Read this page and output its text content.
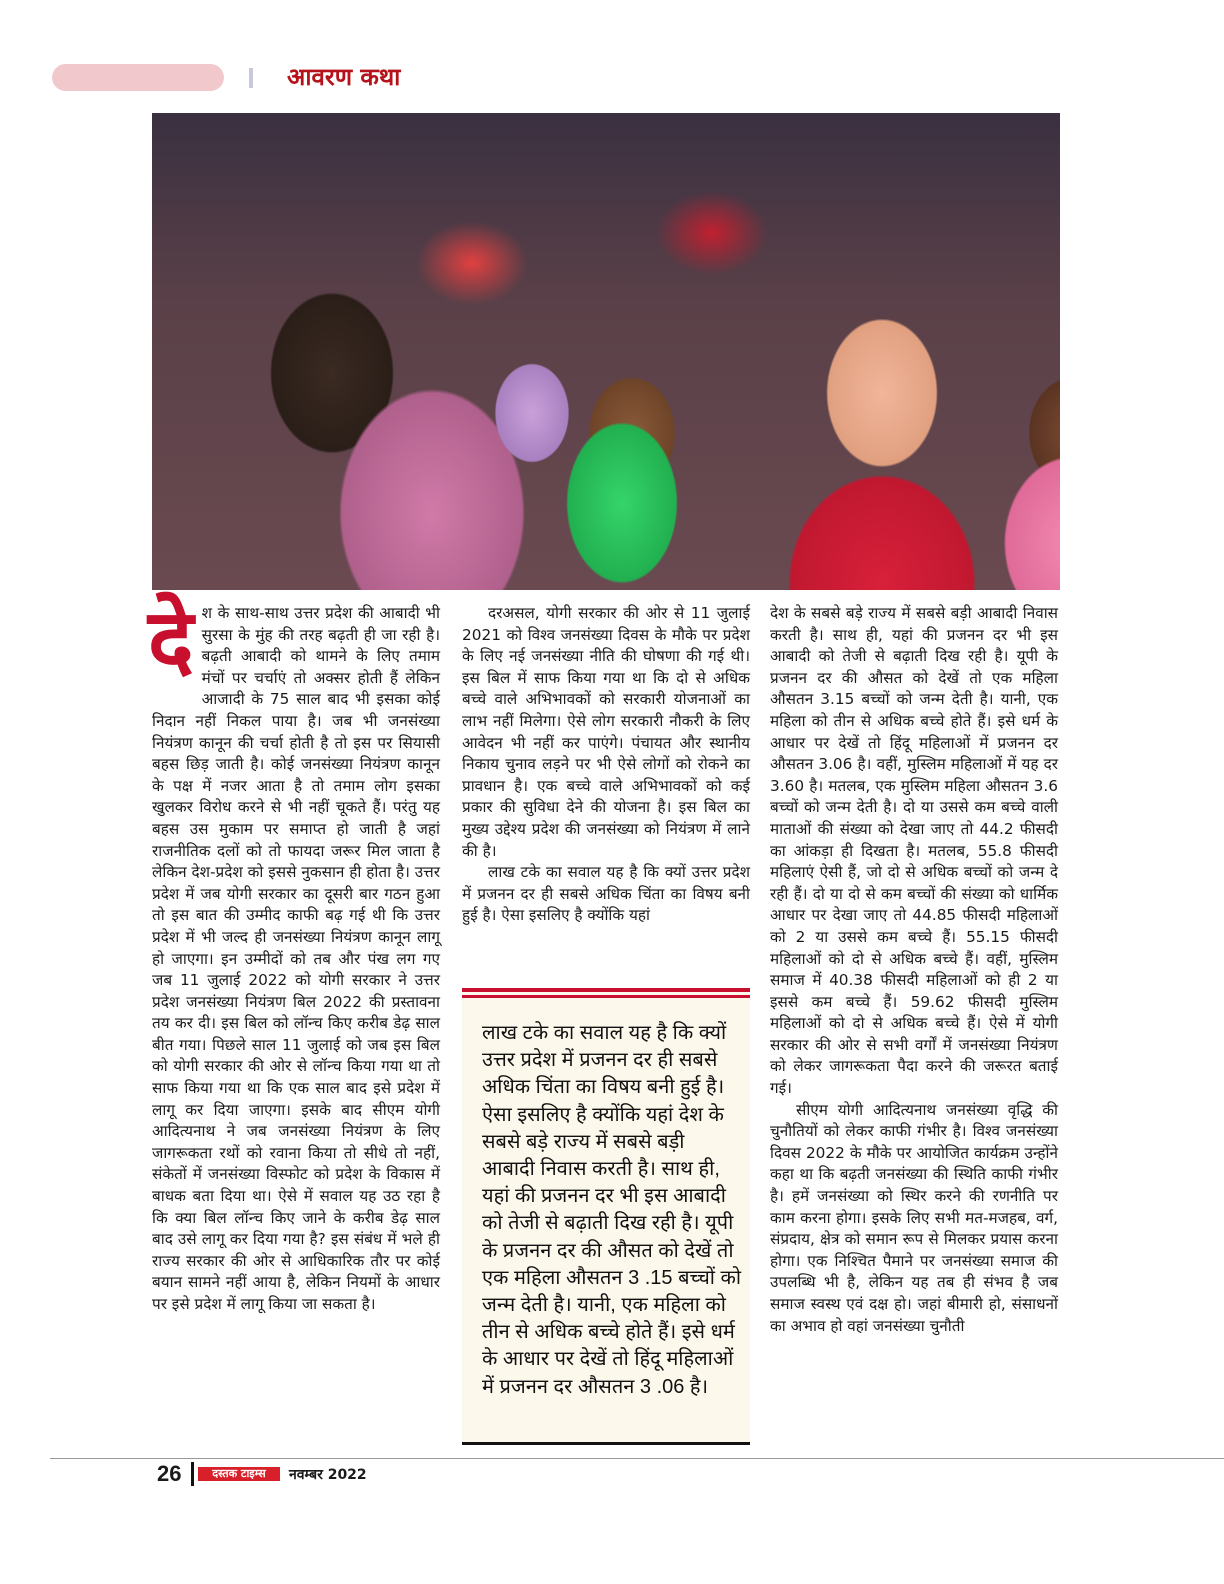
आवरण कथा
दे श के साथ-साथ उत्तर प्रदेश की आबादी भी सुरसा के मुंह की तरह बढ़ती ही जा रही है। बढ़ती आबादी को थामने के लिए तमाम मंचों पर चर्चाएं तो अक्सर होती हैं लेकिन आजादी के 75 साल बाद भी इसका कोई निदान नहीं निकल पाया है। जब भी जनसंख्या नियंत्रण कानून की चर्चा होती है तो इस पर सियासी बहस छिड़ जाती है। कोई जनसंख्या नियंत्रण कानून के पक्ष में नजर आता है तो तमाम लोग इसका खुलकर विरोध करने से भी नहीं चूकते हैं। परंतु यह बहस उस मुकाम पर समाप्त हो जाती है जहां राजनीतिक दलों को तो फायदा जरूर मिल जाता है लेकिन देश-प्रदेश को इससे नुकसान ही होता है। उत्तर प्रदेश में जब योगी सरकार का दूसरी बार गठन हुआ तो इस बात की उम्मीद काफी बढ़ गई थी कि उत्तर प्रदेश में भी जल्द ही जनसंख्या नियंत्रण कानून लागू हो जाएगा। इन उम्मीदों को तब और पंख लग गए जब 11 जुलाई 2022 को योगी सरकार ने उत्तर प्रदेश जनसंख्या नियंत्रण बिल 2022 की प्रस्तावना तय कर दी। इस बिल को लॉन्च किए करीब डेढ़ साल बीत गया। पिछले साल 11 जुलाई को जब इस बिल को योगी सरकार की ओर से लॉन्च किया गया था तो साफ किया गया था कि एक साल बाद इसे प्रदेश में लागू कर दिया जाएगा। इसके बाद सीएम योगी आदित्यनाथ ने जब जनसंख्या नियंत्रण के लिए जागरूकता रथों को रवाना किया तो सीधे तो नहीं, संकेतों में जनसंख्या विस्फोट को प्रदेश के विकास में बाधक बता दिया था। ऐसे में सवाल यह उठ रहा है कि क्या बिल लॉन्च किए जाने के करीब डेढ़ साल बाद उसे लागू कर दिया गया है? इस संबंध में भले ही राज्य सरकार की ओर से आधिकारिक तौर पर कोई बयान सामने नहीं आया है, लेकिन नियमों के आधार पर इसे प्रदेश में लागू किया जा सकता है।

दरअसल, योगी सरकार की ओर से 11 जुलाई 2021 को विश्व जनसंख्या दिवस के मौके पर प्रदेश के लिए नई जनसंख्या नीति की घोषणा की गई थी। इस बिल में साफ किया गया था कि दो से अधिक बच्चे वाले अभिभावकों को सरकारी योजनाओं का लाभ नहीं मिलेगा। ऐसे लोग सरकारी नौकरी के लिए आवेदन भी नहीं कर पाएंगे। पंचायत और स्थानीय निकाय चुनाव लड़ने पर भी ऐसे लोगों को रोकने का प्रावधान है। एक बच्चे वाले अभिभावकों को कई प्रकार की सुविधा देने की योजना है। इस बिल का मुख्य उद्देश्य प्रदेश की जनसंख्या को नियंत्रण में लाने की है।

लाख टके का सवाल यह है कि क्यों उत्तर प्रदेश में प्रजनन दर ही सबसे अधिक चिंता का विषय बनी हुई है। ऐसा इसलिए है क्योंकि यहां

लाख टके का सवाल यह है कि क्यों उत्तर प्रदेश में प्रजनन दर ही सबसे अधिक चिंता का विषय बनी हुई है। ऐसा इसलिए है क्योंकि यहां देश के सबसे बड़े राज्य में सबसे बड़ी आबादी निवास करती है। साथ ही, यहां की प्रजनन दर भी इस आबादी को तेजी से बढ़ाती दिख रही है। यूपी के प्रजनन दर की औसत को देखें तो एक महिला औसतन 3 .15 बच्चों को जन्म देती है। यानी, एक महिला को तीन से अधिक बच्चे होते हैं। इसे धर्म के आधार पर देखें तो हिंदू महिलाओं में प्रजनन दर औसतन 3 .06 है।

देश के सबसे बड़े राज्य में सबसे बड़ी आबादी निवास करती है। साथ ही, यहां की प्रजनन दर भी इस आबादी को तेजी से बढ़ाती दिख रही है। यूपी के प्रजनन दर की औसत को देखें तो एक महिला औसतन 3.15 बच्चों को जन्म देती है। यानी, एक महिला को तीन से अधिक बच्चे होते हैं। इसे धर्म के आधार पर देखें तो हिंदू महिलाओं में प्रजनन दर औसतन 3.06 है। वहीं, मुस्लिम महिलाओं में यह दर 3.60 है। मतलब, एक मुस्लिम महिला औसतन 3.6 बच्चों को जन्म देती है। दो या उससे कम बच्चे वाली माताओं की संख्या को देखा जाए तो 44.2 फीसदी का आंकड़ा ही दिखता है। मतलब, 55.8 फीसदी महिलाएं ऐसी हैं, जो दो से अधिक बच्चों को जन्म दे रही हैं। दो या दो से कम बच्चों की संख्या को धार्मिक आधार पर देखा जाए तो 44.85 फीसदी महिलाओं को 2 या उससे कम बच्चे हैं। 55.15 फीसदी महिलाओं को दो से अधिक बच्चे हैं। वहीं, मुस्लिम समाज में 40.38 फीसदी महिलाओं को ही 2 या इससे कम बच्चे हैं। 59.62 फीसदी मुस्लिम महिलाओं को दो से अधिक बच्चे हैं। ऐसे में योगी सरकार की ओर से सभी वर्गों में जनसंख्या नियंत्रण को लेकर जागरूकता पैदा करने की जरूरत बताई गई।

सीएम योगी आदित्यनाथ जनसंख्या वृद्धि की चुनौतियों को लेकर काफी गंभीर है। विश्व जनसंख्या दिवस 2022 के मौके पर आयोजित कार्यक्रम उन्होंने कहा था कि बढ़ती जनसंख्या की स्थिति काफी गंभीर है। हमें जनसंख्या को स्थिर करने की रणनीति पर काम करना होगा। इसके लिए सभी मत-मजहब, वर्ग, संप्रदाय, क्षेत्र को समान रूप से मिलकर प्रयास करना होगा। एक निश्चित पैमाने पर जनसंख्या समाज की उपलब्धि भी है, लेकिन यह तब ही संभव है जब समाज स्वस्थ एवं दक्ष हो। जहां बीमारी हो, संसाधनों का अभाव हो वहां जनसंख्या चुनौती

26	दस्तक टाइम्स	नवम्बर 2022
